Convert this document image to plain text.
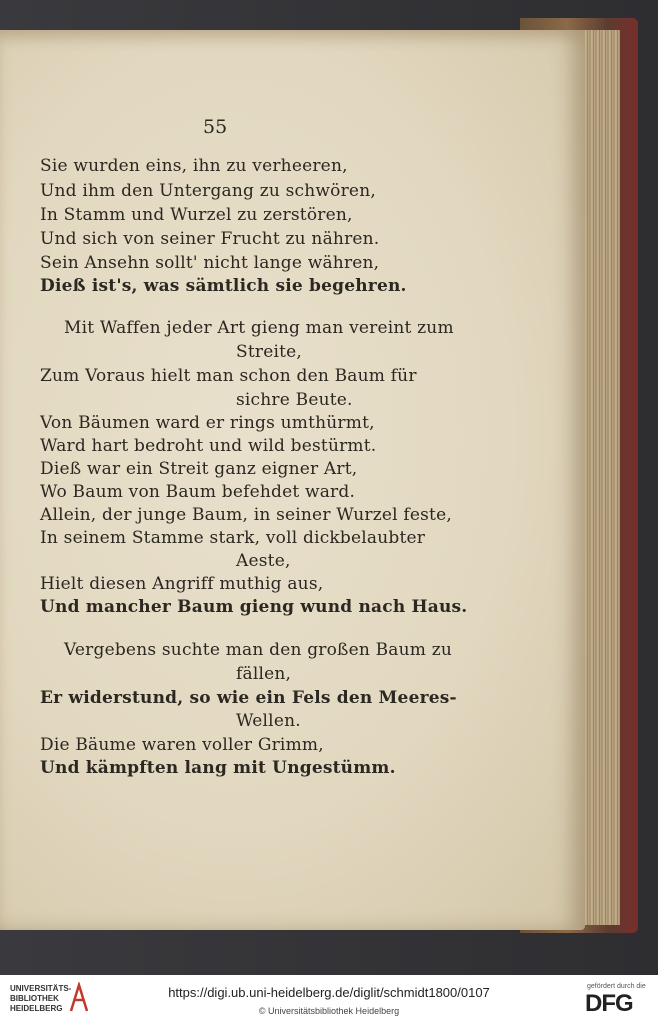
55
Sie wurden eins, ihn zu verheeren,
Und ihm den Untergang zu schwören,
In Stamm und Wurzel zu zerstören,
Und sich von seiner Frucht zu nähren.
Sein Ansehn sollt' nicht lange währen,
Dieß ist's, was sämtlich sie begehren.
Mit Waffen jeder Art gieng man vereint zum
Streite,
Zum Voraus hielt man schon den Baum für
sichre Beute.
Von Bäumen ward er rings umthürmt,
Ward hart bedroht und wild bestürmt.
Dieß war ein Streit ganz eigner Art,
Wo Baum von Baum befehdet ward.
Allein, der junge Baum, in seiner Wurzel feste,
In seinem Stamme stark, voll dickbelaubter
Aeste,
Hielt diesen Angriff muthig aus,
Und mancher Baum gieng wund nach Haus.
Vergebens suchte man den großen Baum zu
fällen,
Er widerstund, so wie ein Fels den Meeres-
Wellen.
Die Bäume waren voller Grimm,
Und kämpften lang mit Ungestümm.
UNIVERSITÄTS-
BIBLIOTHEK
HEIDELBERG
https://digi.ub.uni-heidelberg.de/diglit/schmidt1800/0107
© Universitätsbibliothek Heidelberg
gefördert durch die
DFG
